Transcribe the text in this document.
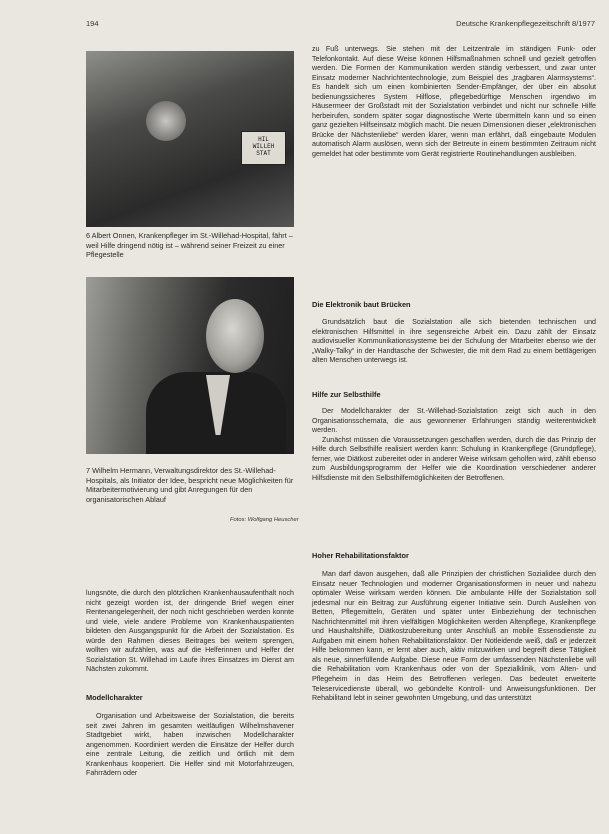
194	Deutsche Krankenpflegezeitschrift 8/1977
HIL
WILLEH
STAT
6 Albert Onnen, Krankenpfleger im St.-Willehad-Hospital, fährt – weil Hilfe dringend nötig ist – während seiner Freizeit zu einer Pflegestelle
7 Wilhelm Hermann, Verwaltungsdirektor des St.-Willehad-Hospitals, als Initiator der Idee, bespricht neue Möglichkeiten für Mitarbeitermotivierung und gibt Anregungen für den organisatorischen Ablauf
Fotos: Wolfgang Heuscher

lungsnöte, die durch den plötzlichen Krankenhausaufenthalt noch nicht gezeigt worden ist, der dringende Brief wegen einer Rentenangelegenheit, der noch nicht geschrieben werden konnte und viele, viele andere Probleme von Krankenhauspatienten bildeten den Ausgangspunkt für die Arbeit der Sozialstation. Es würde den Rahmen dieses Beitrages bei weitem sprengen, wollten wir aufzählen, was auf die Helferinnen und Helfer der Sozialstation St. Willehad im Laufe ihres Einsatzes im Dienst am Nächsten zukommt.

Modellcharakter

Organisation und Arbeitsweise der Sozialstation, die bereits seit zwei Jahren im gesamten weitläufigen Wilhelmshavener Stadtgebiet wirkt, haben inzwischen Modellcharakter angenommen. Koordiniert werden die Einsätze der Helfer durch eine zentrale Leitung, die zeitlich und örtlich mit dem Krankenhaus kooperiert. Die Helfer sind mit Motorfahrzeugen, Fahrrädern oder

zu Fuß unterwegs. Sie stehen mit der Leitzentrale im ständigen Funk- oder Telefonkontakt. Auf diese Weise können Hilfsmaßnahmen schnell und gezielt getroffen werden. Die Formen der Kommunikation werden ständig verbessert, und zwar unter Einsatz moderner Nachrichtentechnologie, zum Beispiel des „tragbaren Alarmsystems“. Es handelt sich um einen kombinierten Sender-Empfänger, der über ein absolut bedienungssicheres System Hilflose, pflegebedürftige Menschen irgendwo im Häusermeer der Großstadt mit der Sozialstation verbindet und nicht nur schnelle Hilfe herbeirufen, sondern später sogar diagnostische Werte übermitteln kann und so einen ganz gezielten Hilfseinsatz möglich macht. Die neuen Dimensionen dieser „elektronischen Brücke der Nächstenliebe“ werden klarer, wenn man erfährt, daß eingebaute Modulen automatisch Alarm auslösen, wenn sich der Betreute in einem bestimmten Zeitraum nicht gemeldet hat oder bestimmte vom Gerät registrierte Routinehandlungen ausbleiben.

Die Elektronik baut Brücken

Grundsätzlich baut die Sozialstation alle sich bietenden technischen und elektronischen Hilfsmittel in ihre segensreiche Arbeit ein. Dazu zählt der Einsatz audiovisueller Kommunikationssysteme bei der Schulung der Mitarbeiter ebenso wie der „Walky-Talky“ in der Handtasche der Schwester, die mit dem Rad zu einem bettlägerigen alten Menschen unterwegs ist.

Hilfe zur Selbsthilfe

Der Modellcharakter der St.-Willehad-Sozialstation zeigt sich auch in den Organisationsschemata, die aus gewonnener Erfahrungen ständig weiterentwickelt werden.

Zunächst müssen die Voraussetzungen geschaffen werden, durch die das Prinzip der Hilfe durch Selbsthilfe realisiert werden kann: Schulung in Krankenpflege (Grundpflege), ferner, wie Diätkost zubereitet oder in anderer Weise wirksam geholfen wird, zählt ebenso zum Ausbildungsprogramm der Helfer wie die Koordination verschiedener anderer Hilfsdienste mit den Selbsthilfemöglichkeiten der Betroffenen.

Hoher Rehabilitationsfaktor

Man darf davon ausgehen, daß alle Prinzipien der christlichen Sozialidee durch den Einsatz neuer Technologien und moderner Organisationsformen in neuer und nahezu optimaler Weise wirksam werden können. Die ambulante Hilfe der Sozialstation soll jedesmal nur ein Beitrag zur Ausführung eigener Initiative sein. Durch Ausleihen von Betten, Pflegemitteln, Geräten und später unter Einbeziehung der technischen Nachrichtenmittel mit ihren vielfältigen Möglichkeiten werden Altenpflege, Krankenpflege und Haushaltshilfe, Diätkostzubereitung unter Anschluß an mobile Essensdienste zu Aufgaben mit einem hohen Rehabilitationsfaktor. Der Notleidende weiß, daß er jederzeit Hilfe bekommen kann, er lernt aber auch, aktiv mitzuwirken und begreift diese Tätigkeit als neue, sinnerfüllende Aufgabe. Diese neue Form der umfassenden Nächstenliebe will die Rehabilitation vom Krankenhaus oder von der Spezialklinik, vom Alten- und Pflegeheim in das Heim des Betroffenen verlegen. Das bedeutet erweiterte Teleservicedienste überall, wo gebündelte Kontroll- und Anweisungsfunktionen. Der Rehabilitand lebt in seiner gewohnten Umgebung, und das unterstützt
